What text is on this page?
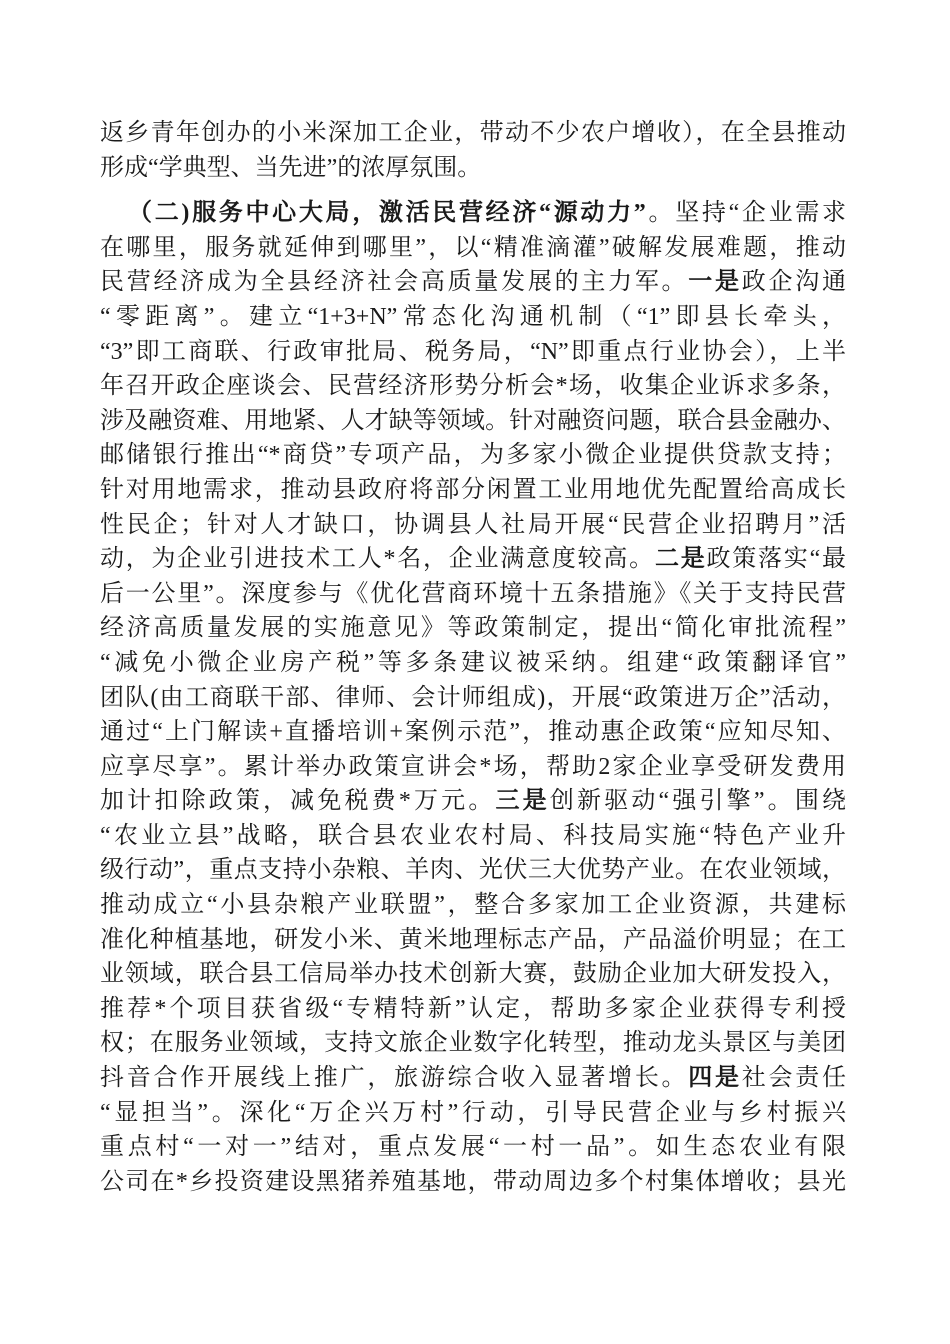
返乡青年创办的小米深加工企业，带动不少农户增收），在全县推动
形成“学典型、当先进”的浓厚氛围。
（二)服务中心大局，激活民营经济“源动力”。坚持“企业需求
在哪里，服务就延伸到哪里”，以“精准滴灌”破解发展难题，推动
民营经济成为全县经济社会高质量发展的主力军。一是政企沟通
“零距离”。建立“1+3+N”常态化沟通机制（“1”即县长牵头，
“3”即工商联、行政审批局、税务局，“N”即重点行业协会），上半
年召开政企座谈会、民营经济形势分析会*场，收集企业诉求多条，
涉及融资难、用地紧、人才缺等领域。针对融资问题，联合县金融办、
邮储银行推出“*商贷”专项产品，为多家小微企业提供贷款支持；
针对用地需求，推动县政府将部分闲置工业用地优先配置给高成长
性民企；针对人才缺口，协调县人社局开展“民营企业招聘月”活
动，为企业引进技术工人*名，企业满意度较高。二是政策落实“最
后一公里”。深度参与《优化营商环境十五条措施》《关于支持民营
经济高质量发展的实施意见》等政策制定，提出“简化审批流程”
“减免小微企业房产税”等多条建议被采纳。组建“政策翻译官”
团队(由工商联干部、律师、会计师组成)，开展“政策进万企”活动，
通过“上门解读+直播培训+案例示范”，推动惠企政策“应知尽知、
应享尽享”。累计举办政策宣讲会*场，帮助2家企业享受研发费用
加计扣除政策，减免税费*万元。三是创新驱动“强引擎”。围绕
“农业立县”战略，联合县农业农村局、科技局实施“特色产业升
级行动”，重点支持小杂粮、羊肉、光伏三大优势产业。在农业领域，
推动成立“小县杂粮产业联盟”，整合多家加工企业资源，共建标
准化种植基地，研发小米、黄米地理标志产品，产品溢价明显；在工
业领域，联合县工信局举办技术创新大赛，鼓励企业加大研发投入，
推荐*个项目获省级“专精特新”认定，帮助多家企业获得专利授
权；在服务业领域，支持文旅企业数字化转型，推动龙头景区与美团
抖音合作开展线上推广，旅游综合收入显著增长。四是社会责任
“显担当”。深化“万企兴万村”行动，引导民营企业与乡村振兴
重点村“一对一”结对，重点发展“一村一品”。如生态农业有限
公司在*乡投资建设黑猪养殖基地，带动周边多个村集体增收；县光
